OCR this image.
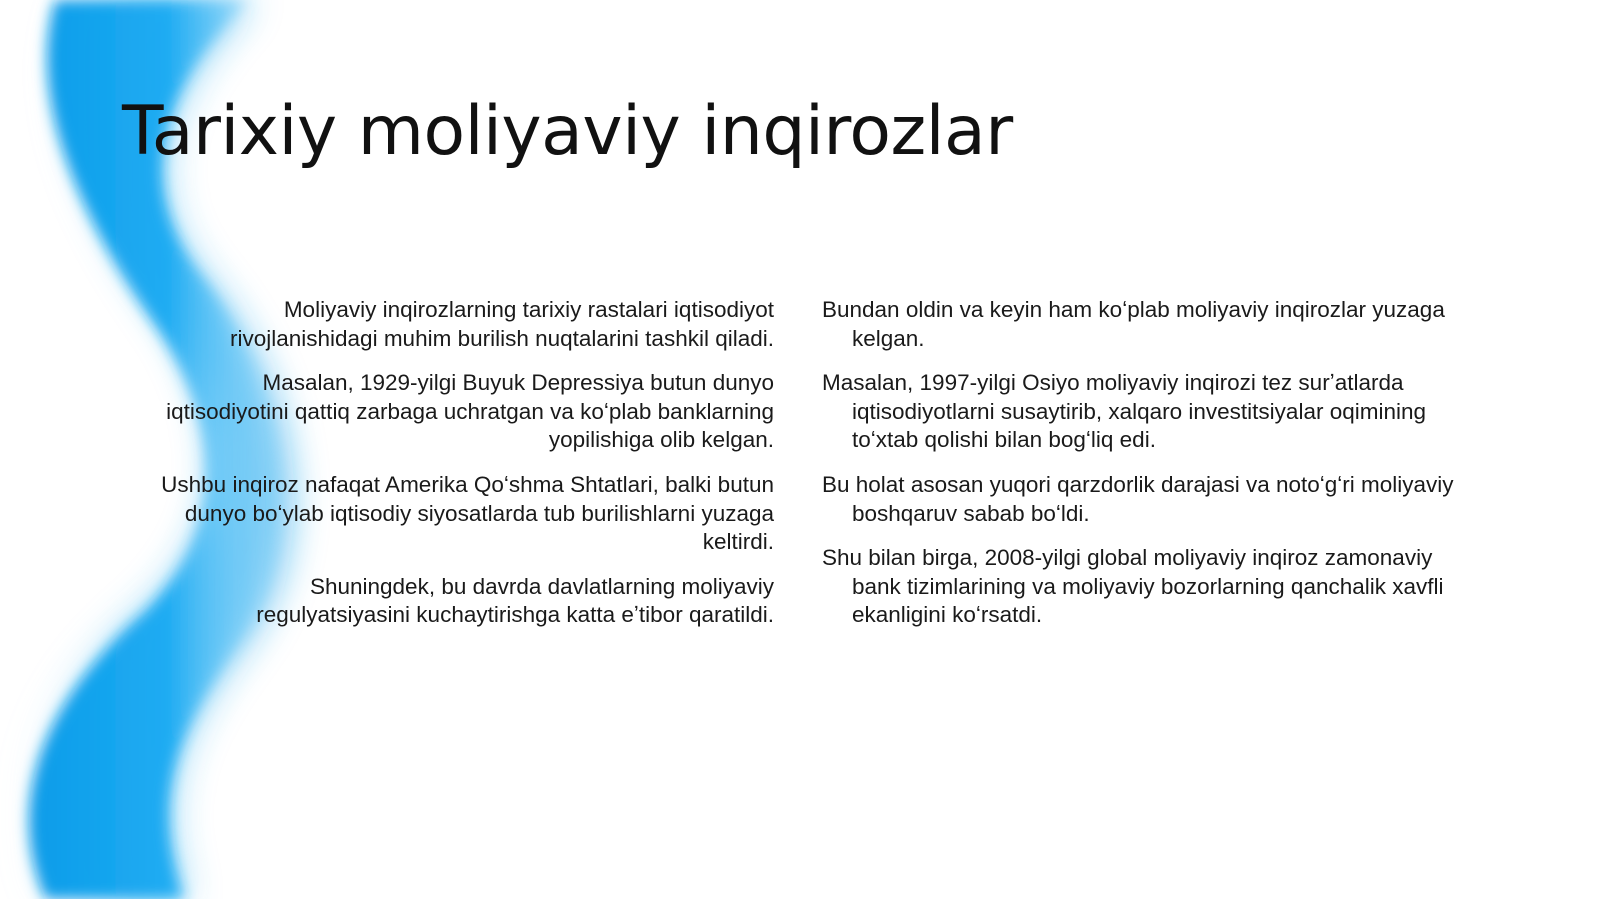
Tarixiy moliyaviy inqirozlar

Moliyaviy inqirozlarning tarixiy rastalari iqtisodiyot rivojlanishidagi muhim burilish nuqtalarini tashkil qiladi.

Masalan, 1929-yilgi Buyuk Depressiya butun dunyo iqtisodiyotini qattiq zarbaga uchratgan va koʻplab banklarning yopilishiga olib kelgan.

Ushbu inqiroz nafaqat Amerika Qoʻshma Shtatlari, balki butun dunyo boʻylab iqtisodiy siyosatlarda tub burilishlarni yuzaga keltirdi.

Shuningdek, bu davrda davlatlarning moliyaviy regulyatsiyasini kuchaytirishga katta eʼtibor qaratildi.

Bundan oldin va keyin ham koʻplab moliyaviy inqirozlar yuzaga kelgan.

Masalan, 1997-yilgi Osiyo moliyaviy inqirozi tez surʼatlarda iqtisodiyotlarni susaytirib, xalqaro investitsiyalar oqimining toʻxtab qolishi bilan bogʻliq edi.

Bu holat asosan yuqori qarzdorlik darajasi va notoʻgʻri moliyaviy boshqaruv sabab boʻldi.

Shu bilan birga, 2008-yilgi global moliyaviy inqiroz zamonaviy bank tizimlarining va moliyaviy bozorlarning qanchalik xavfli ekanligini koʻrsatdi.
